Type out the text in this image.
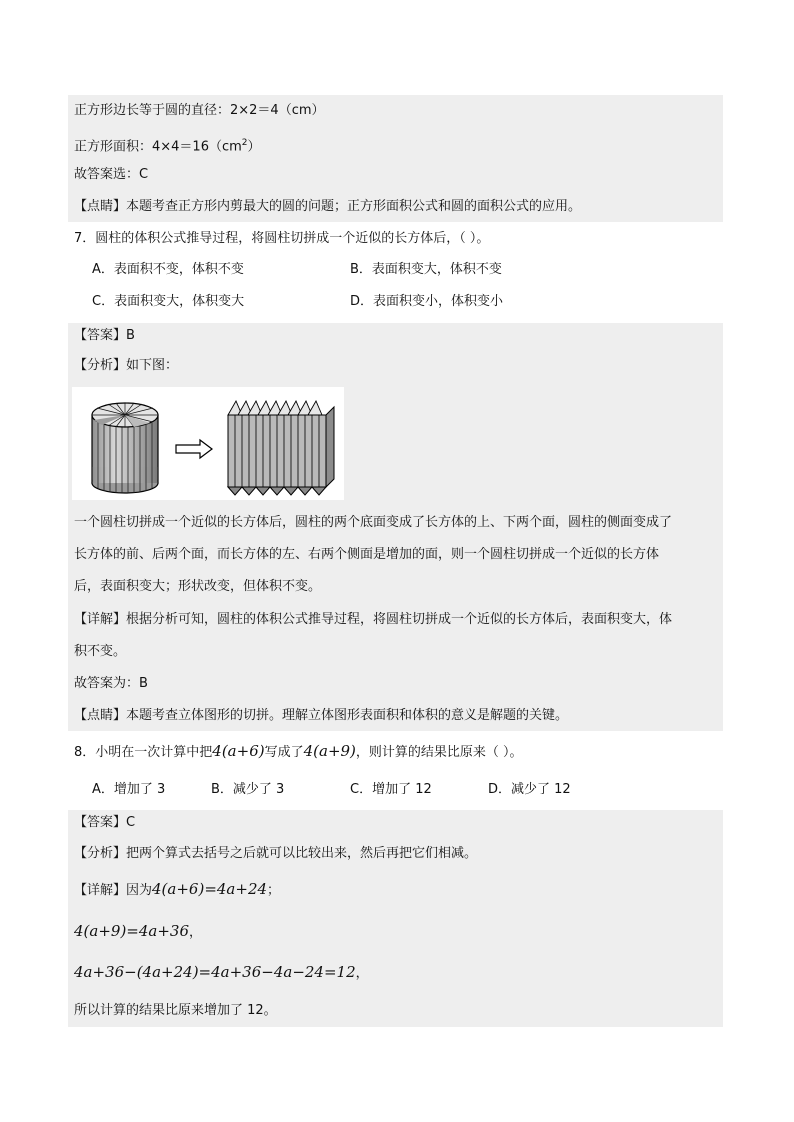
正方形边长等于圆的直径：2×2＝4（cm）
正方形面积：$4\times 4=16(cm^2)$
故答案选：C
【点睛】本题考查正方形内剪最大的圆的问题；正方形面积公式和圆的面积公式的应用。
7．圆柱的体积公式推导过程，将圆柱切拼成一个近似的长方体后，（ ）。
A．表面积不变，体积不变	B．表面积变大，体积不变
C．表面积变大，体积变大	D．表面积变小，体积变小
【答案】B
【分析】如下图：
一个圆柱切拼成一个近似的长方体后，圆柱的两个底面变成了长方体的上、下两个面，圆柱的侧面变成了
长方体的前、后两个面，而长方体的左、右两个侧面是增加的面，则一个圆柱切拼成一个近似的长方体
后，表面积变大；形状改变，但体积不变。
【详解】根据分析可知，圆柱的体积公式推导过程，将圆柱切拼成一个近似的长方体后，表面积变大，体
积不变。
故答案为：B
【点睛】本题考查立体图形的切拼。理解立体图形表面积和体积的意义是解题的关键。
8．小明在一次计算中把4(a+6)写成了4(a+9)，则计算的结果比原来（ ）。
A．增加了 3	B．减少了 3	C．增加了 12	D．减少了 12
【答案】C
【分析】把两个算式去括号之后就可以比较出来，然后再把它们相减。
【详解】因为4(a+6)=4a+24；
4(a+9)=4a+36，
4a+36−(4a+24)=4a+36−4a−24=12，
所以计算的结果比原来增加了 12。
